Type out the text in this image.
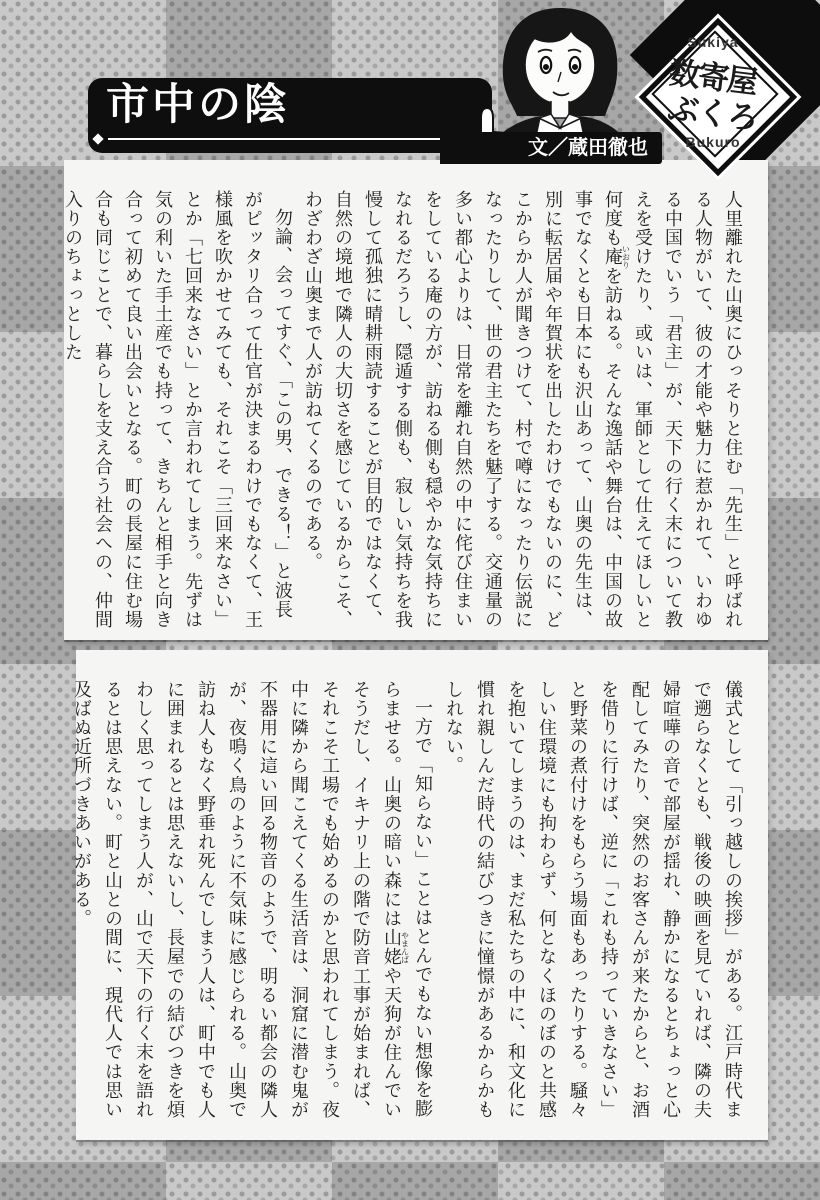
市中の陰
文／蔵田徹也
Sukiya
数寄屋
ぶくろ
Bukuro

人里離れた山奥にひっそりと住む「先生」と呼ばれる人物がいて、彼の才能や魅力に惹かれて、いわゆる中国でいう「君主」が、天下の行く末について教えを受けたり、或いは、軍師として仕えてほしいと何度も庵いおりを訪ねる。そんな逸話や舞台は、中国の故事でなくとも日本にも沢山あって、山奥の先生は、別に転居届や年賀状を出したわけでもないのに、どこからか人が聞きつけて、村で噂になったり伝説になったりして、世の君主たちを魅了する。交通量の多い都心よりは、日常を離れ自然の中に侘び住まいをしている庵の方が、訪ねる側も穏やかな気持ちになれるだろうし、隠遁する側も、寂しい気持ちを我慢して孤独に晴耕雨読することが目的ではなくて、自然の境地で隣人の大切さを感じているからこそ、わざわざ山奥まで人が訪ねてくるのである。

勿論、会ってすぐ、「この男、できる！」と波長がピッタリ合って仕官が決まるわけでもなくて、王様風を吹かせてみても、それこそ「三回来なさい」とか「七回来なさい」とか言われてしまう。先ずは気の利いた手土産でも持って、きちんと相手と向き合って初めて良い出会いとなる。町の長屋に住む場合も同じことで、暮らしを支え合う社会への、仲間入りのちょっとした

儀式として「引っ越しの挨拶」がある。江戸時代まで遡らなくとも、戦後の映画を見ていれば、隣の夫婦喧嘩の音で部屋が揺れ、静かになるとちょっと心配してみたり、突然のお客さんが来たからと、お酒を借りに行けば、逆に「これも持っていきなさい」と野菜の煮付けをもらう場面もあったりする。騒々しい住環境にも拘わらず、何となくほのぼのと共感を抱いてしまうのは、まだ私たちの中に、和文化に慣れ親しんだ時代の結びつきに憧憬があるからかもしれない。

一方で「知らない」ことはとんでもない想像を膨らませる。山奥の暗い森には山姥やまんばや天狗が住んでいそうだし、イキナリ上の階で防音工事が始まれば、それこそ工場でも始めるのかと思われてしまう。夜中に隣から聞こえてくる生活音は、洞窟に潜む鬼が不器用に這い回る物音のようで、明るい都会の隣人が、夜鳴く鳥のように不気味に感じられる。山奥で訪ね人もなく野垂れ死んでしまう人は、町中でも人に囲まれるとは思えないし、長屋での結びつきを煩わしく思ってしまう人が、山で天下の行く末を語れるとは思えない。町と山との間に、現代人では思い及ばぬ近所づきあいがある。
